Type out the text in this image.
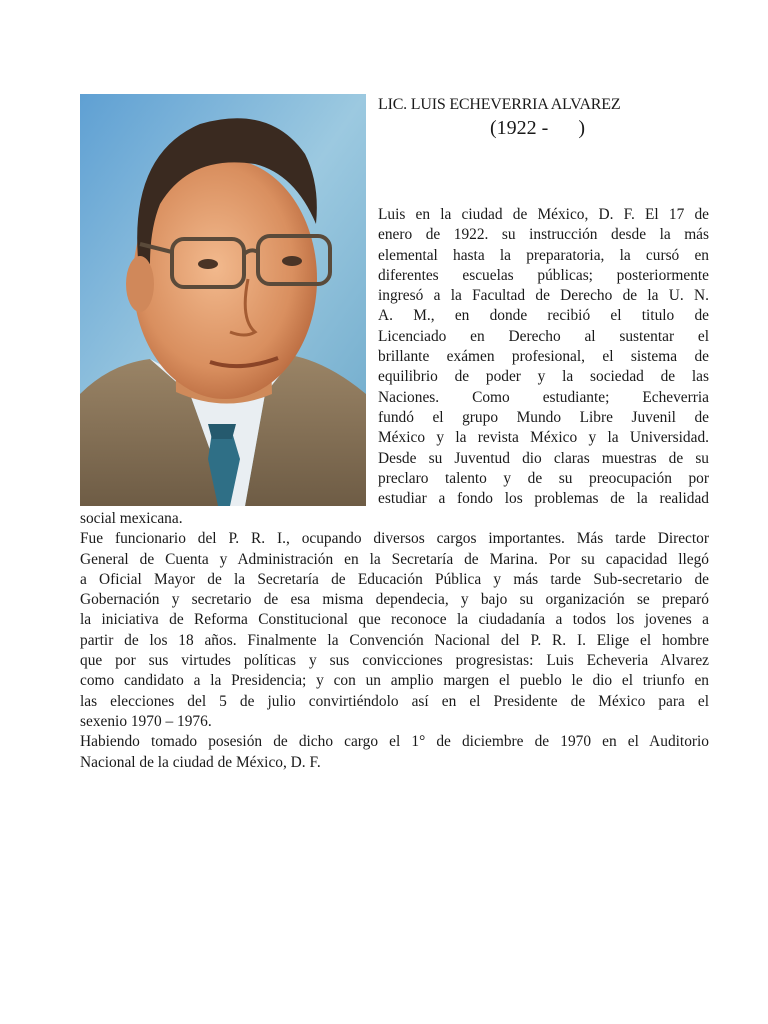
LIC. LUIS ECHEVERRIA ALVAREZ
(1922 -      )

Luis en la ciudad de México, D. F. El 17 de
enero de 1922. su instrucción desde la más
elemental hasta la preparatoria, la cursó en
diferentes escuelas públicas; posteriormente
ingresó a la Facultad de Derecho de la U. N.
A. M., en donde recibió el titulo de
Licenciado en Derecho al sustentar el
brillante exámen profesional, el sistema de
equilibrio de poder y la sociedad de las
Naciones. Como estudiante; Echeverria
fundó el grupo Mundo Libre Juvenil de
México y la revista México y la Universidad.
Desde su Juventud dio claras muestras de su
preclaro talento y de su preocupación por
estudiar a fondo los problemas de la realidad

social mexicana.
Fue funcionario del P. R. I., ocupando diversos cargos importantes. Más tarde Director
General de Cuenta y Administración en la Secretaría de Marina. Por su capacidad llegó
a Oficial Mayor de la Secretaría de Educación Pública y más tarde Sub-secretario de
Gobernación y secretario de esa misma dependecia, y bajo su organización se preparó
la iniciativa de Reforma Constitucional que reconoce la ciudadanía a todos los jovenes a
partir de los 18 años. Finalmente la Convención Nacional del P. R. I. Elige el hombre
que por sus virtudes políticas y sus convicciones progresistas: Luis Echeveria Alvarez
como candidato a la Presidencia; y con un amplio margen el pueblo le dio el triunfo en
las elecciones del 5 de julio convirtiéndolo así en el Presidente de México para el
sexenio 1970 – 1976.
Habiendo tomado posesión de dicho cargo el 1° de diciembre de 1970 en el Auditorio
Nacional de la ciudad de México, D. F.
